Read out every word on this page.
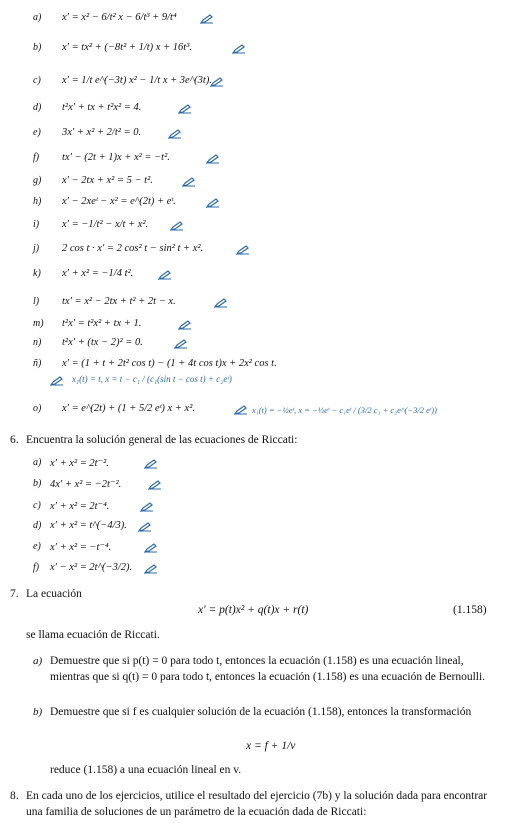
a) x′ = x² − 6/t² x − 6/t³ + 9/t⁴
b) x′ = tx² + (−8t² + 1/t) x + 16t³.
c) x′ = 1/t e^(−3t) x² − 1/t x + 3e^(3t).
d) t²x′ + tx + t²x² = 4.
e) 3x′ + x² + 2/t² = 0.
f) tx′ − (2t + 1)x + x² = −t².
g) x′ − 2tx + x² = 5 − t².
h) x′ − 2xeᵗ − x² = e^(2t) + eᵗ.
i) x′ = −1/t² − x/t + x².
j) 2 cos t · x′ = 2 cos² t − sin² t + x².
k) x′ + x² = −1/4 t².
l) tx′ = x² − 2tx + t² + 2t − x.
m) t²x′ = t²x² + tx + 1.
n) t²x′ + (tx − 2)² = 0.
ñ) x′ = (1 + t + 2t² cos t) − (1 + 4t cos t)x + 2x² cos t.
x₁(t) = t, x = t − c₁ / (c₁(sin t − cos t) + c₂eᵗ)
o) x′ = e^(2t) + (1 + 5/2 eᵗ) x + x².	x₁(t) = −½eᵗ, x = −½eᵗ − c₁eᵗ / (3/2 c₁ + c₂e^(−3/2 eᵗ))
6. Encuentra la solución general de las ecuaciones de Riccati:
a) x′ + x² = 2t⁻².
b) 4x′ + x² = −2t⁻².
c) x′ + x² = 2t⁻⁴.
d) x′ + x² = t^(−4/3).
e) x′ + x² = −t⁻⁴.
f) x′ − x² = 2t^(−3/2).
7. La ecuación
x′ = p(t)x² + q(t)x + r(t)	(1.158)
se llama ecuación de Riccati.
a) Demuestre que si p(t) = 0 para todo t, entonces la ecuación (1.158) es una ecuación lineal, mientras que si q(t) = 0 para todo t, entonces la ecuación (1.158) es una ecuación de Bernoulli.
b) Demuestre que si f es cualquier solución de la ecuación (1.158), entonces la transformación
x = f + 1/v
reduce (1.158) a una ecuación lineal en v.
8. En cada uno de los ejercicios, utilice el resultado del ejercicio (7b) y la solución dada para encontrar una familia de soluciones de un parámetro de la ecuación dada de Riccati:
